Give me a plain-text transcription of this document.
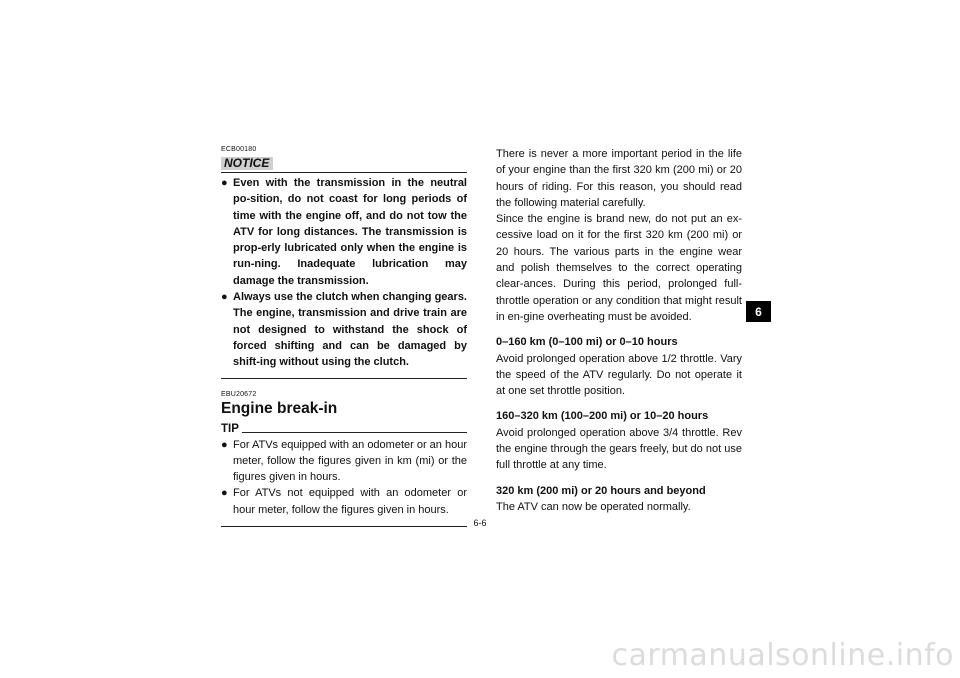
ECB00180
NOTICE
● Even with the transmission in the neutral po-sition, do not coast for long periods of time with the engine off, and do not tow the ATV for long distances. The transmission is prop-erly lubricated only when the engine is run-ning. Inadequate lubrication may damage the transmission.
● Always use the clutch when changing gears. The engine, transmission and drive train are not designed to withstand the shock of forced shifting and can be damaged by shift-ing without using the clutch.
EBU20672
Engine break-in
TIP
● For ATVs equipped with an odometer or an hour meter, follow the figures given in km (mi) or the figures given in hours.
● For ATVs not equipped with an odometer or hour meter, follow the figures given in hours.

There is never a more important period in the life of your engine than the first 320 km (200 mi) or 20 hours of riding. For this reason, you should read the following material carefully.

Since the engine is brand new, do not put an ex-cessive load on it for the first 320 km (200 mi) or 20 hours. The various parts in the engine wear and polish themselves to the correct operating clear-ances. During this period, prolonged full-throttle operation or any condition that might result in en-gine overheating must be avoided.

0–160 km (0–100 mi) or 0–10 hours

Avoid prolonged operation above 1/2 throttle. Vary the speed of the ATV regularly. Do not operate it at one set throttle position.

160–320 km (100–200 mi) or 10–20 hours

Avoid prolonged operation above 3/4 throttle. Rev the engine through the gears freely, but do not use full throttle at any time.

320 km (200 mi) or 20 hours and beyond

The ATV can now be operated normally.

6
6-6
carmanualsonline.info
